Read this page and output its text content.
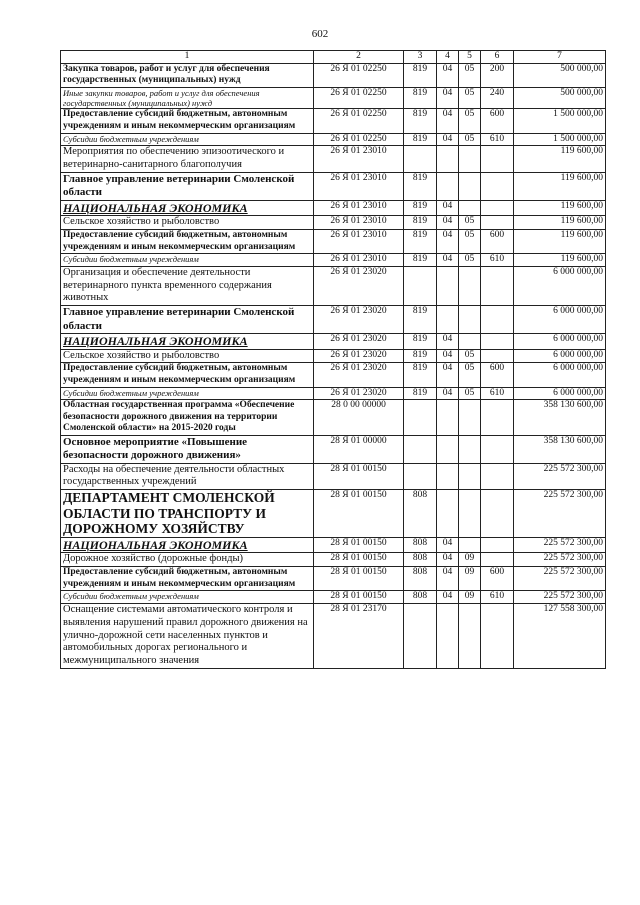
602
1	2	3	4	5	6	7
Закупка товаров, работ и услуг для обеспечения государственных (муниципальных) нужд	26 Я 01 02250	819	04	05	200	500 000,00
Иные закупки товаров, работ и услуг для обеспечения государственных (муниципальных) нужд	26 Я 01 02250	819	04	05	240	500 000,00
Предоставление субсидий бюджетным, автономным учреждениям и иным некоммерческим организациям	26 Я 01 02250	819	04	05	600	1 500 000,00
Субсидии бюджетным учреждениям	26 Я 01 02250	819	04	05	610	1 500 000,00
Мероприятия по обеспечению эпизоотического и ветеринарно-санитарного благополучия	26 Я 01 23010					119 600,00
Главное управление ветеринарии Смоленской области	26 Я 01 23010	819				119 600,00
НАЦИОНАЛЬНАЯ ЭКОНОМИКА	26 Я 01 23010	819	04			119 600,00
Сельское хозяйство и рыболовство	26 Я 01 23010	819	04	05		119 600,00
Предоставление субсидий бюджетным, автономным учреждениям и иным некоммерческим организациям	26 Я 01 23010	819	04	05	600	119 600,00
Субсидии бюджетным учреждениям	26 Я 01 23010	819	04	05	610	119 600,00
Организация и обеспечение деятельности ветеринарного пункта временного содержания животных	26 Я 01 23020					6 000 000,00
Главное управление ветеринарии Смоленской области	26 Я 01 23020	819				6 000 000,00
НАЦИОНАЛЬНАЯ ЭКОНОМИКА	26 Я 01 23020	819	04			6 000 000,00
Сельское хозяйство и рыболовство	26 Я 01 23020	819	04	05		6 000 000,00
Предоставление субсидий бюджетным, автономным учреждениям и иным некоммерческим организациям	26 Я 01 23020	819	04	05	600	6 000 000,00
Субсидии бюджетным учреждениям	26 Я 01 23020	819	04	05	610	6 000 000,00
Областная государственная программа «Обеспечение безопасности дорожного движения на территории Смоленской области» на 2015-2020 годы	28 0 00 00000					358 130 600,00
Основное мероприятие «Повышение безопасности дорожного движения»	28 Я 01 00000					358 130 600,00
Расходы на обеспечение деятельности областных государственных учреждений	28 Я 01 00150					225 572 300,00
ДЕПАРТАМЕНТ СМОЛЕНСКОЙ ОБЛАСТИ ПО ТРАНСПОРТУ И ДОРОЖНОМУ ХОЗЯЙСТВУ	28 Я 01 00150	808				225 572 300,00
НАЦИОНАЛЬНАЯ ЭКОНОМИКА	28 Я 01 00150	808	04			225 572 300,00
Дорожное хозяйство (дорожные фонды)	28 Я 01 00150	808	04	09		225 572 300,00
Предоставление субсидий бюджетным, автономным учреждениям и иным некоммерческим организациям	28 Я 01 00150	808	04	09	600	225 572 300,00
Субсидии бюджетным учреждениям	28 Я 01 00150	808	04	09	610	225 572 300,00
Оснащение системами автоматического контроля и выявления нарушений правил дорожного движения на улично-дорожной сети населенных пунктов и автомобильных дорогах регионального и межмуниципального значения	28 Я 01 23170					127 558 300,00
